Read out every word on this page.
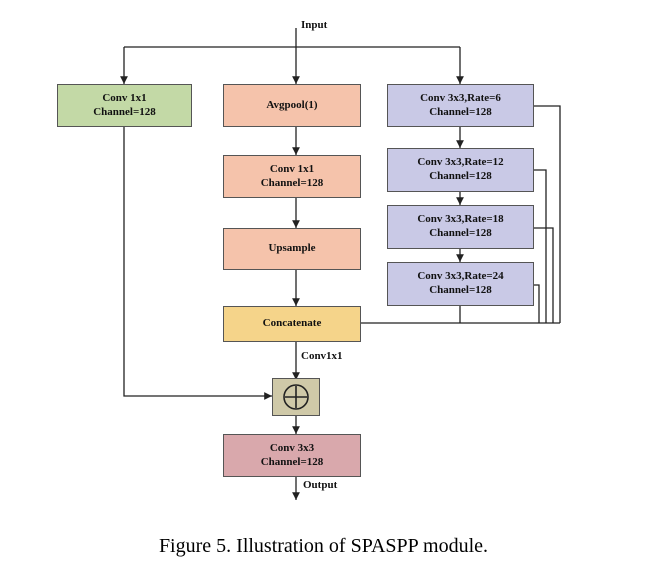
Input
Conv1x1
Output
Conv 1x1
Channel=128
Avgpool(1)
Conv 1x1
Channel=128
Upsample
Concatenate
Conv 3x3,Rate=6
Channel=128
Conv 3x3,Rate=12
Channel=128
Conv 3x3,Rate=18
Channel=128
Conv 3x3,Rate=24
Channel=128
Conv 3x3
Channel=128
Figure 5. Illustration of SPASPP module.
